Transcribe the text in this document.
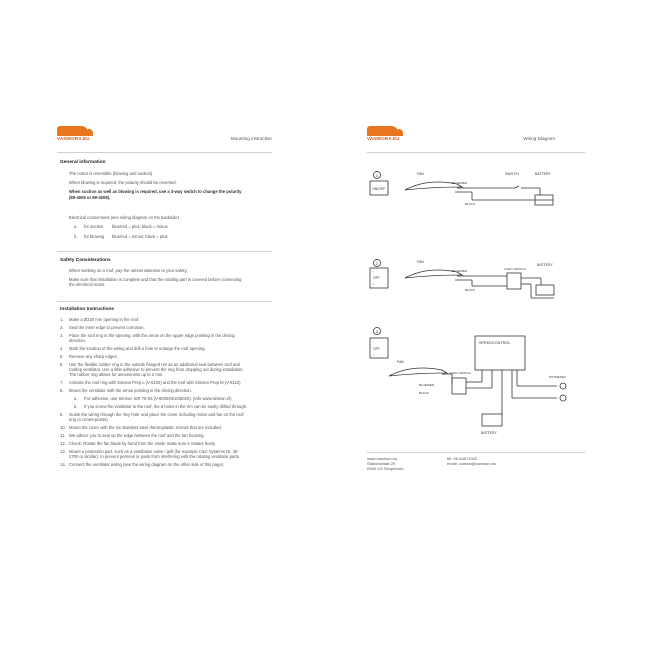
VANWORX.EU	Mounting instruction
General information
- The motor is reversible (blowing and suction).
- When blowing is required, the polarity should be reversed.
- When suction as well as blowing is required, use a 3-way switch to change the polarity
(89-4005 or 89-4008).
- Electrical connections (see wiring diagram on the backside)
a. for suction blue/red = plus; black = minus
b. for blowing blue/red = minus; black = plus
Safety Considerations
- When working on a roof, pay the utmost attention to your safety.
- Make sure that installation is complete and that the rotating part is covered before connecting
the electrical motor.
Installation Instructions
1.	Make a Ø230 mm opening in the roof.
2.	Seal the inner edge to prevent corrosion.
3.	Place the roof ring in the opening, with the arrow on the upper edge pointing in the driving
direction.
4.	Mark the location of the wiring and drill a hole or enlarge the roof opening.
5.	Remove any sharp edges.
6.	Use the flexible rubber ring in the outside flanged rim as an additional seal between roof and
rooftop ventilator. Use a little adhesive to prevent the ring from dropping out during installation.
The rubber ring allows for unevenness up to 2 mm.
7.	Activate the roof ring with Simson Prep L (V-6100) and the roof with Simson Prep M (V-6110)
8.	Mount the ventilator with the arrow pointing in the driving direction.
a.	For adhesive, use Simson ISR 70-03 (V-6000/6010/6020). (Info www.simson.nl)
b.	If you screw the ventilator to the roof, the 8 holes in the rim can be easily drilled through.
9.	Guide the wiring through the 'key hole' and place the cover including motor and fan on the roof
ring (4 centre-points).
10. Mount the cover with the six stainless steel thermoplastic screws that are included.
11. We advice you to seal up the edge between the roof and the fan housing.
12. Check: Rotate the fan blade by hand from the inside make sure it rotates freely.
13. Mount a protection part, such as a ventilation valve / grill (for example C&C Systems Nr. 35-
2700 or similar), to prevent persons or parts from interfering with the rotating ventilator parts.
14. Connect the ventilator wiring (see the wiring diagram on the other side of this page).
VANWORX.EU	Wiring Diagram
1
ON/OFF
FAN
BLUE/RED
BLACK
SWITCH	BATTERY
2
↑
OFF
↓
FAN
BLUE/RED
BLACK
3-WAY SWITCH
BATTERY
3
↑
OFF
↓
FAN
SPEEDCONTROL
POTMETER
3-WAY SWITCH
BLUE/RED
BLACK
BATTERY
www.vanworx.eu
Stationstraat 29
6369 VG Simpelveld
tel: 06-54674303
email: contact@vanworx.eu
